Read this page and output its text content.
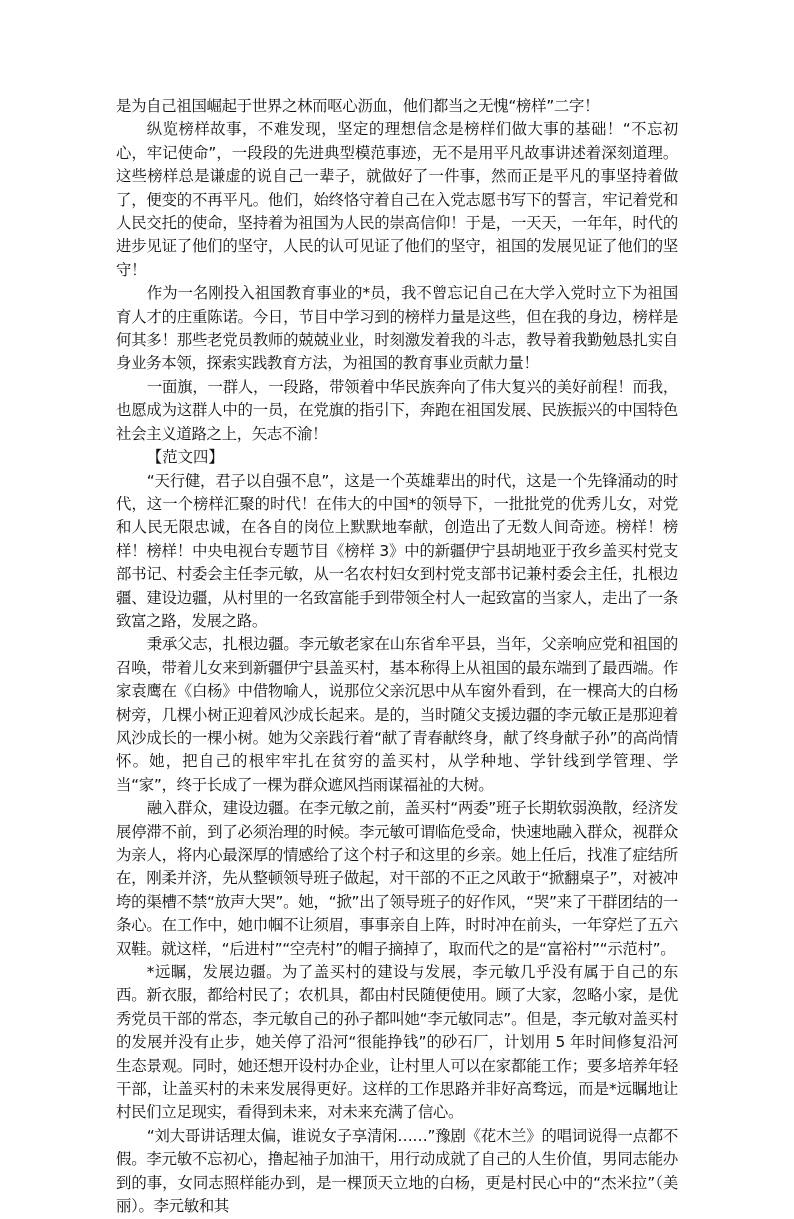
是为自己祖国崛起于世界之林而呕心沥血，他们都当之无愧“榜样”二字！

纵览榜样故事，不难发现，坚定的理想信念是榜样们做大事的基础！“不忘初心，牢记使命”，一段段的先进典型模范事迹，无不是用平凡故事讲述着深刻道理。这些榜样总是谦虚的说自己一辈子，就做好了一件事，然而正是平凡的事坚持着做了，便变的不再平凡。他们，始终恪守着自己在入党志愿书写下的誓言，牢记着党和人民交托的使命，坚持着为祖国为人民的崇高信仰！于是，一天天，一年年，时代的进步见证了他们的坚守，人民的认可见证了他们的坚守，祖国的发展见证了他们的坚守！

作为一名刚投入祖国教育事业的*员，我不曾忘记自己在大学入党时立下为祖国育人才的庄重陈诺。今日，节目中学习到的榜样力量是这些，但在我的身边，榜样是何其多！那些老党员教师的兢兢业业，时刻激发着我的斗志，教导着我勤勉恳扎实自身业务本领，探索实践教育方法，为祖国的教育事业贡献力量！

一面旗，一群人，一段路，带领着中华民族奔向了伟大复兴的美好前程！而我，也愿成为这群人中的一员，在党旗的指引下，奔跑在祖国发展、民族振兴的中国特色社会主义道路之上，矢志不渝！

【范文四】

“天行健，君子以自强不息”，这是一个英雄辈出的时代，这是一个先锋涌动的时代，这一个榜样汇聚的时代！在伟大的中国*的领导下，一批批党的优秀儿女，对党和人民无限忠诚，在各自的岗位上默默地奉献，创造出了无数人间奇迹。榜样！榜样！榜样！中央电视台专题节目《榜样 3》中的新疆伊宁县胡地亚于孜乡盖买村党支部书记、村委会主任李元敏，从一名农村妇女到村党支部书记兼村委会主任，扎根边疆、建设边疆，从村里的一名致富能手到带领全村人一起致富的当家人，走出了一条致富之路，发展之路。

秉承父志，扎根边疆。李元敏老家在山东省牟平县，当年，父亲响应党和祖国的召唤，带着儿女来到新疆伊宁县盖买村，基本称得上从祖国的最东端到了最西端。作家袁鹰在《白杨》中借物喻人，说那位父亲沉思中从车窗外看到，在一棵高大的白杨树旁，几棵小树正迎着风沙成长起来。是的，当时随父支援边疆的李元敏正是那迎着风沙成长的一棵小树。她为父亲践行着“献了青春献终身，献了终身献子孙”的高尚情怀。她，把自己的根牢牢扎在贫穷的盖买村，从学种地、学针线到学管理、学当“家”，终于长成了一棵为群众遮风挡雨谋福祉的大树。

融入群众，建设边疆。在李元敏之前，盖买村“两委”班子长期软弱涣散，经济发展停滞不前，到了必须治理的时候。李元敏可谓临危受命，快速地融入群众，视群众为亲人，将内心最深厚的情感给了这个村子和这里的乡亲。她上任后，找准了症结所在，刚柔并济，先从整顿领导班子做起，对干部的不正之风敢于“掀翻桌子”，对被冲垮的渠槽不禁“放声大哭”。她，“掀”出了领导班子的好作风，“哭”来了干群团结的一条心。在工作中，她巾帼不让须眉，事事亲自上阵，时时冲在前头，一年穿烂了五六双鞋。就这样，“后进村”“空壳村”的帽子摘掉了，取而代之的是“富裕村”“示范村”。

*远瞩，发展边疆。为了盖买村的建设与发展，李元敏几乎没有属于自己的东西。新衣服，都给村民了；农机具，都由村民随便使用。顾了大家，忽略小家，是优秀党员干部的常态，李元敏自己的孙子都叫她“李元敏同志”。但是，李元敏对盖买村的发展并没有止步，她关停了沿河“很能挣钱”的砂石厂，计划用 5 年时间修复沿河生态景观。同时，她还想开设村办企业，让村里人可以在家都能工作；要多培养年轻干部，让盖买村的未来发展得更好。这样的工作思路并非好高骛远，而是*远瞩地让村民们立足现实，看得到未来，对未来充满了信心。

“刘大哥讲话理太偏，谁说女子享清闲……”豫剧《花木兰》的唱词说得一点都不假。李元敏不忘初心，撸起袖子加油干，用行动成就了自己的人生价值，男同志能办到的事，女同志照样能办到，是一棵顶天立地的白杨，更是村民心中的“杰米拉”（美丽）。李元敏和其
